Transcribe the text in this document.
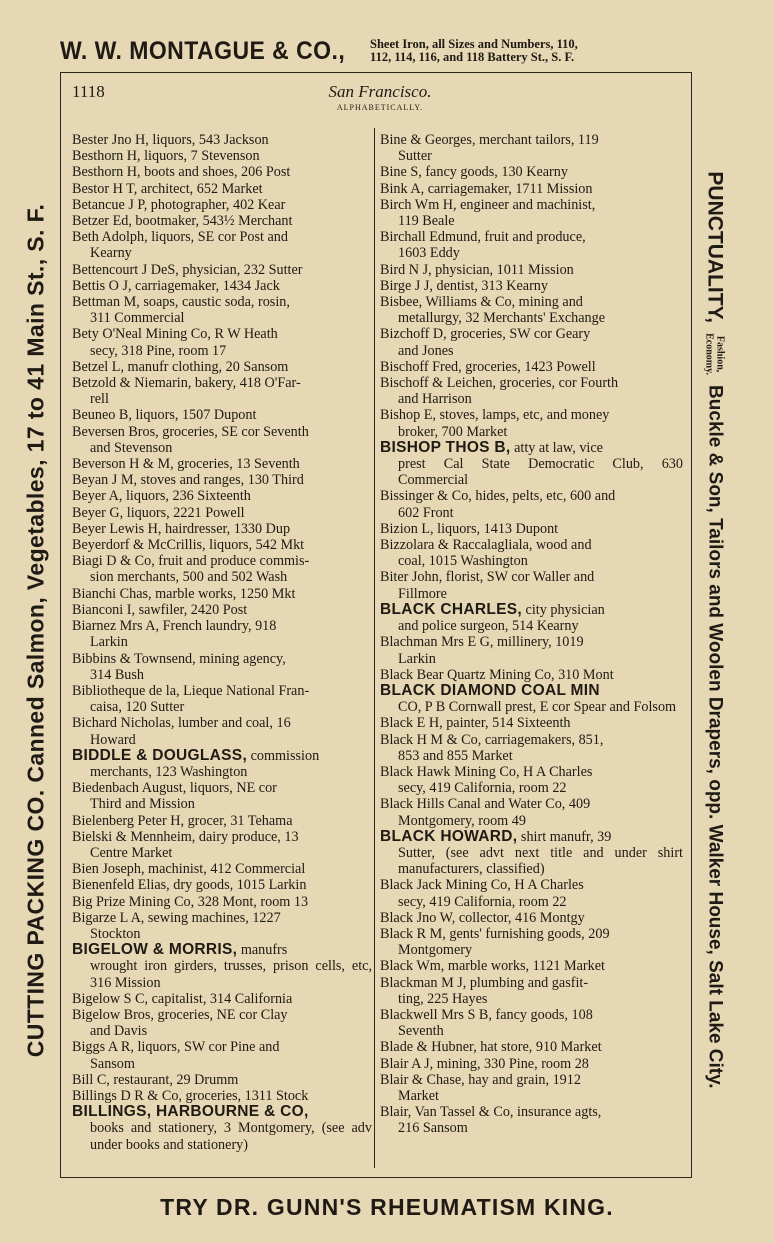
W. W. MONTAGUE & CO., Sheet Iron, all Sizes and Numbers, 110,
112, 114, 116, and 118 Battery St., S. F.
CUTTING PACKING CO. Canned Salmon, Vegetables, 17 to 41 Main St., S. F.	PUNCTUALITY,
Fashion,
Economy.
Buckle & Son, Tailors and Woolen Drapers, opp. Walker House, Salt Lake City.
1118	San Francisco.
ALPHABETICALLY.

Bester Jno H, liquors, 543 Jackson

Besthorn H, liquors, 7 Stevenson

Besthorn H, boots and shoes, 206 Post

Bestor H T, architect, 652 Market

Betancue J P, photographer, 402 Kear

Betzer Ed, bootmaker, 543½ Merchant

Beth Adolph, liquors, SE cor Post and
Kearny

Bettencourt J DeS, physician, 232 Sutter

Bettis O J, carriagemaker, 1434 Jack

Bettman M, soaps, caustic soda, rosin,
311 Commercial

Bety O'Neal Mining Co, R W Heath
secy, 318 Pine, room 17

Betzel L, manufr clothing, 20 Sansom

Betzold & Niemarin, bakery, 418 O'Far-
rell

Beuneo B, liquors, 1507 Dupont

Beversen Bros, groceries, SE cor Seventh
and Stevenson

Beverson H & M, groceries, 13 Seventh

Beyan J M, stoves and ranges, 130 Third

Beyer A, liquors, 236 Sixteenth

Beyer G, liquors, 2221 Powell

Beyer Lewis H, hairdresser, 1330 Dup

Beyerdorf & McCrillis, liquors, 542 Mkt

Biagi D & Co, fruit and produce commis-
sion merchants, 500 and 502 Wash

Bianchi Chas, marble works, 1250 Mkt

Bianconi I, sawfiler, 2420 Post

Biarnez Mrs A, French laundry, 918
Larkin

Bibbins & Townsend, mining agency,
314 Bush

Bibliotheque de la, Lieque National Fran-
caisa, 120 Sutter

Bichard Nicholas, lumber and coal, 16
Howard

BIDDLE & DOUGLASS, commission
merchants, 123 Washington

Biedenbach August, liquors, NE cor
Third and Mission

Bielenberg Peter H, grocer, 31 Tehama

Bielski & Mennheim, dairy produce, 13
Centre Market

Bien Joseph, machinist, 412 Commercial

Bienenfeld Elias, dry goods, 1015 Larkin

Big Prize Mining Co, 328 Mont, room 13

Bigarze L A, sewing machines, 1227
Stockton

BIGELOW & MORRIS, manufrs
wrought iron girders, trusses, prison cells, etc, 316 Mission

Bigelow S C, capitalist, 314 California

Bigelow Bros, groceries, NE cor Clay
and Davis

Biggs A R, liquors, SW cor Pine and
Sansom

Bill C, restaurant, 29 Drumm

Billings D R & Co, groceries, 1311 Stock

BILLINGS, HARBOURNE & CO,
books and stationery, 3 Montgomery, (see adv under books and stationery)

Bine & Georges, merchant tailors, 119
Sutter

Bine S, fancy goods, 130 Kearny

Bink A, carriagemaker, 1711 Mission

Birch Wm H, engineer and machinist,
119 Beale

Birchall Edmund, fruit and produce,
1603 Eddy

Bird N J, physician, 1011 Mission

Birge J J, dentist, 313 Kearny

Bisbee, Williams & Co, mining and
metallurgy, 32 Merchants' Exchange

Bizchoff D, groceries, SW cor Geary
and Jones

Bischoff Fred, groceries, 1423 Powell

Bischoff & Leichen, groceries, cor Fourth
and Harrison

Bishop E, stoves, lamps, etc, and money
broker, 700 Market

BISHOP THOS B, atty at law, vice
prest Cal State Democratic Club, 630 Commercial

Bissinger & Co, hides, pelts, etc, 600 and
602 Front

Bizion L, liquors, 1413 Dupont

Bizzolara & Raccalagliala, wood and
coal, 1015 Washington

Biter John, florist, SW cor Waller and
Fillmore

BLACK CHARLES, city physician
and police surgeon, 514 Kearny

Blachman Mrs E G, millinery, 1019
Larkin

Black Bear Quartz Mining Co, 310 Mont

BLACK DIAMOND COAL MIN
CO, P B Cornwall prest, E cor Spear and Folsom

Black E H, painter, 514 Sixteenth

Black H M & Co, carriagemakers, 851,
853 and 855 Market

Black Hawk Mining Co, H A Charles
secy, 419 California, room 22

Black Hills Canal and Water Co, 409
Montgomery, room 49

BLACK HOWARD, shirt manufr, 39
Sutter, (see advt next title and under shirt manufacturers, classified)

Black Jack Mining Co, H A Charles
secy, 419 California, room 22

Black Jno W, collector, 416 Montgy

Black R M, gents' furnishing goods, 209
Montgomery

Black Wm, marble works, 1121 Market

Blackman M J, plumbing and gasfit-
ting, 225 Hayes

Blackwell Mrs S B, fancy goods, 108
Seventh

Blade & Hubner, hat store, 910 Market

Blair A J, mining, 330 Pine, room 28

Blair & Chase, hay and grain, 1912
Market

Blair, Van Tassel & Co, insurance agts,
216 Sansom

TRY DR. GUNN'S RHEUMATISM KING.
